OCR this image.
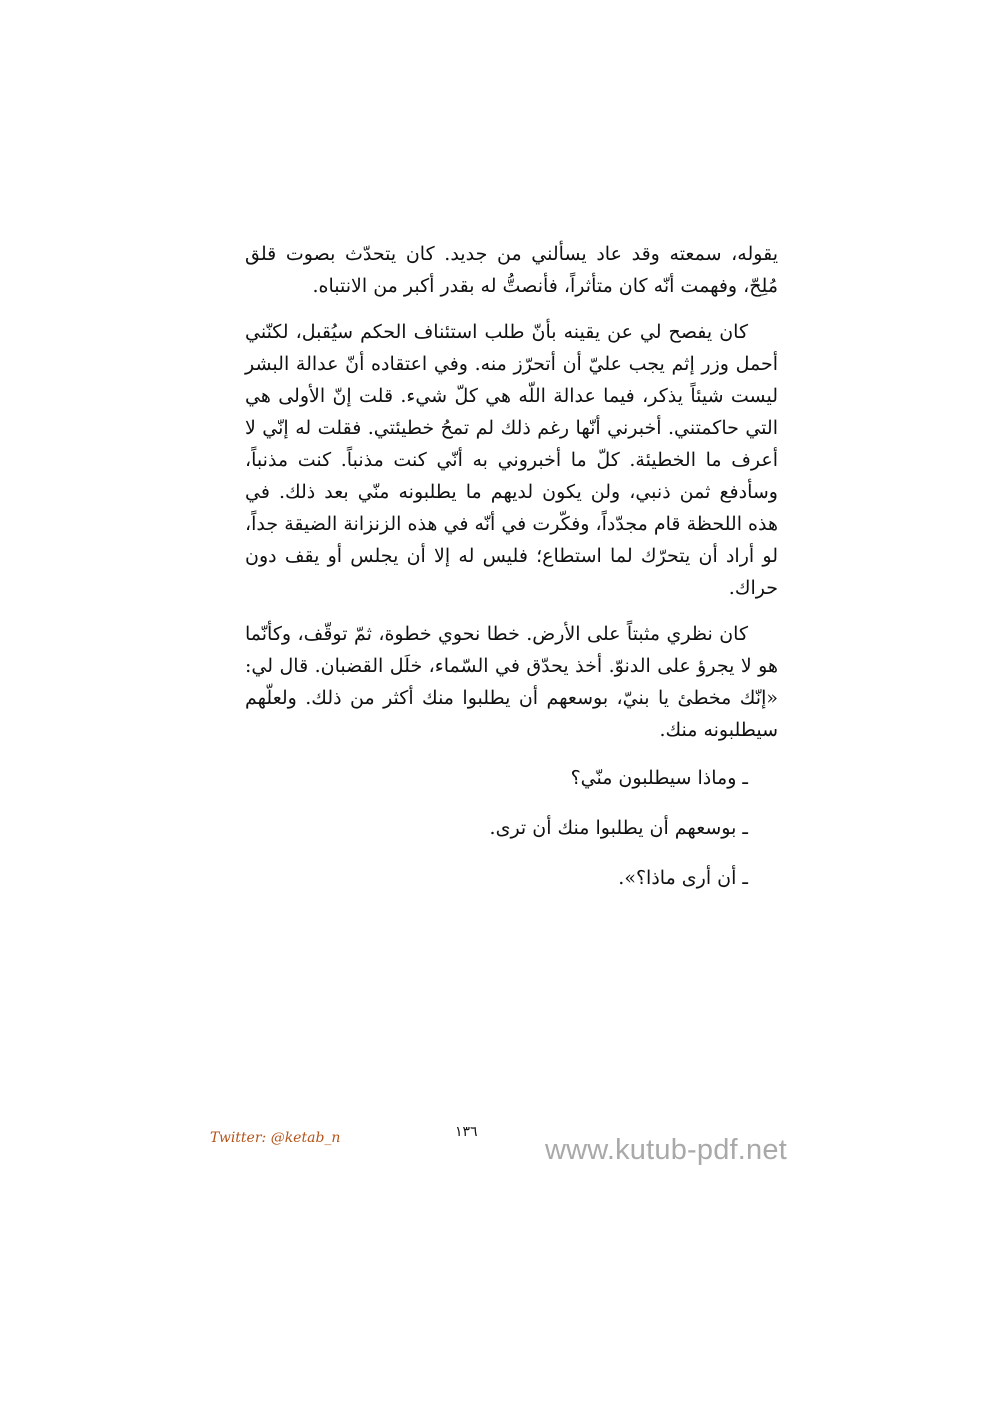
يقوله، سمعته وقد عاد يسألني من جديد. كان يتحدّث بصوت قلق مُلِحّ، وفهمت أنّه كان متأثراً، فأنصتُّ له بقدر أكبر من الانتباه.

كان يفصح لي عن يقينه بأنّ طلب استئناف الحكم سيُقبل، لكنّني أحمل وزر إثم يجب عليّ أن أتحرّز منه. وفي اعتقاده أنّ عدالة البشر ليست شيئاً يذكر، فيما عدالة اللّه هي كلّ شيء. قلت إنّ الأولى هي التي حاكمتني. أخبرني أنّها رغم ذلك لم تمحُ خطيئتي. فقلت له إنّي لا أعرف ما الخطيئة. كلّ ما أخبروني به أنّي كنت مذنباً. كنت مذنباً، وسأدفع ثمن ذنبي، ولن يكون لديهم ما يطلبونه منّي بعد ذلك. في هذه اللحظة قام مجدّداً، وفكّرت في أنّه في هذه الزنزانة الضيقة جداً، لو أراد أن يتحرّك لما استطاع؛ فليس له إلا أن يجلس أو يقف دون حراك.

كان نظري مثبتاً على الأرض. خطا نحوي خطوة، ثمّ توقّف، وكأنّما هو لا يجرؤ على الدنوّ. أخذ يحدّق في السّماء، خلَل القضبان. قال لي: «إنّك مخطئ يا بنيّ، بوسعهم أن يطلبوا منك أكثر من ذلك. ولعلّهم سيطلبونه منك.

ـ وماذا سيطلبون منّي؟

ـ بوسعهم أن يطلبوا منك أن ترى.

ـ أن أرى ماذا؟».

Twitter: @ketab_n	١٣٦
www.kutub-pdf.net
